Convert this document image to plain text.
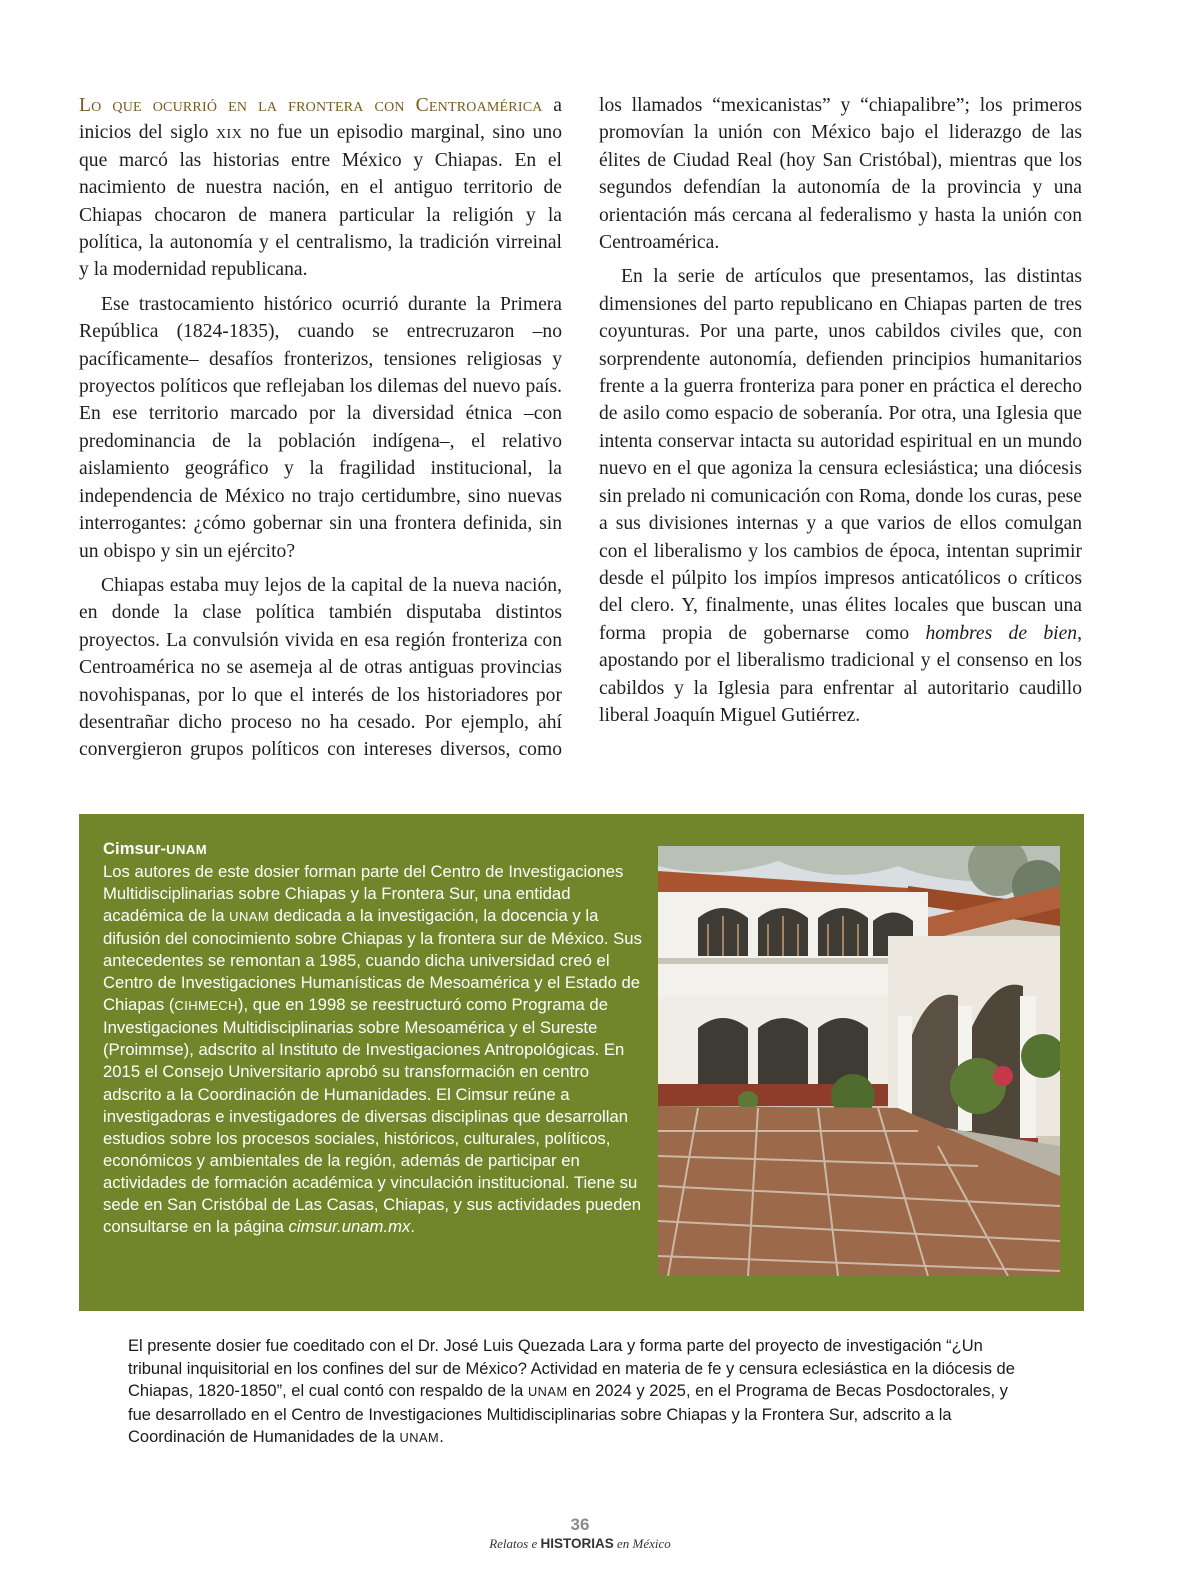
Lo que ocurrió en la frontera con Centroamérica a inicios del siglo xix no fue un episodio marginal, sino uno que marcó las historias entre México y Chiapas. En el nacimiento de nuestra nación, en el antiguo territorio de Chiapas chocaron de manera particular la religión y la política, la autonomía y el centralismo, la tradición virreinal y la modernidad republicana.

Ese trastocamiento histórico ocurrió durante la Primera República (1824-1835), cuando se entrecruzaron –no pacíficamente– desafíos fronterizos, tensiones religiosas y proyectos políticos que reflejaban los dilemas del nuevo país. En ese territorio marcado por la diversidad étnica –con predominancia de la población indígena–, el relativo aislamiento geográfico y la fragilidad institucional, la independencia de México no trajo certidumbre, sino nuevas interrogantes: ¿cómo gobernar sin una frontera definida, sin un obispo y sin un ejército?

Chiapas estaba muy lejos de la capital de la nueva nación, en donde la clase política también disputaba distintos proyectos. La convulsión vivida en esa región fronteriza con Centroamérica no se asemeja al de otras antiguas provincias novohispanas, por lo que el interés de los historiadores por desentrañar dicho proceso no ha cesado. Por ejemplo, ahí convergieron grupos políticos con intereses diversos, como

los llamados “mexicanistas” y “chiapalibre”; los primeros promovían la unión con México bajo el liderazgo de las élites de Ciudad Real (hoy San Cristóbal), mientras que los segundos defendían la autonomía de la provincia y una orientación más cercana al federalismo y hasta la unión con Centroamérica.

En la serie de artículos que presentamos, las distintas dimensiones del parto republicano en Chiapas parten de tres coyunturas. Por una parte, unos cabildos civiles que, con sorprendente autonomía, defienden principios humanitarios frente a la guerra fronteriza para poner en práctica el derecho de asilo como espacio de soberanía. Por otra, una Iglesia que intenta conservar intacta su autoridad espiritual en un mundo nuevo en el que agoniza la censura eclesiástica; una diócesis sin prelado ni comunicación con Roma, donde los curas, pese a sus divisiones internas y a que varios de ellos comulgan con el liberalismo y los cambios de época, intentan suprimir desde el púlpito los impíos impresos anticatólicos o críticos del clero. Y, finalmente, unas élites locales que buscan una forma propia de gobernarse como hombres de bien, apostando por el liberalismo tradicional y el consenso en los cabildos y la Iglesia para enfrentar al autoritario caudillo liberal Joaquín Miguel Gutiérrez.

Cimsur-UNAM
Los autores de este dosier forman parte del Centro de Investigaciones Multidisciplinarias sobre Chiapas y la Frontera Sur, una entidad académica de la UNAM dedicada a la investigación, la docencia y la difusión del conocimiento sobre Chiapas y la frontera sur de México. Sus antecedentes se remontan a 1985, cuando dicha universidad creó el Centro de Investigaciones Humanísticas de Mesoamérica y el Estado de Chiapas (CIHMECH), que en 1998 se reestructuró como Programa de Investigaciones Multidisciplinarias sobre Mesoamérica y el Sureste (Proimmse), adscrito al Instituto de Investigaciones Antropológicas. En 2015 el Consejo Universitario aprobó su transformación en centro adscrito a la Coordinación de Humanidades. El Cimsur reúne a investigadoras e investigadores de diversas disciplinas que desarrollan estudios sobre los procesos sociales, históricos, culturales, políticos, económicos y ambientales de la región, además de participar en actividades de formación académica y vinculación institucional. Tiene su sede en San Cristóbal de Las Casas, Chiapas, y sus actividades pueden consultarse en la página cimsur.unam.mx.
El presente dosier fue coeditado con el Dr. José Luis Quezada Lara y forma parte del proyecto de investigación “¿Un tribunal inquisitorial en los confines del sur de México? Actividad en materia de fe y censura eclesiástica en la diócesis de Chiapas, 1820-1850”, el cual contó con respaldo de la UNAM en 2024 y 2025, en el Programa de Becas Posdoctorales, y fue desarrollado en el Centro de Investigaciones Multidisciplinarias sobre Chiapas y la Frontera Sur, adscrito a la Coordinación de Humanidades de la UNAM.
36
Relatos e HISTORIAS en México
